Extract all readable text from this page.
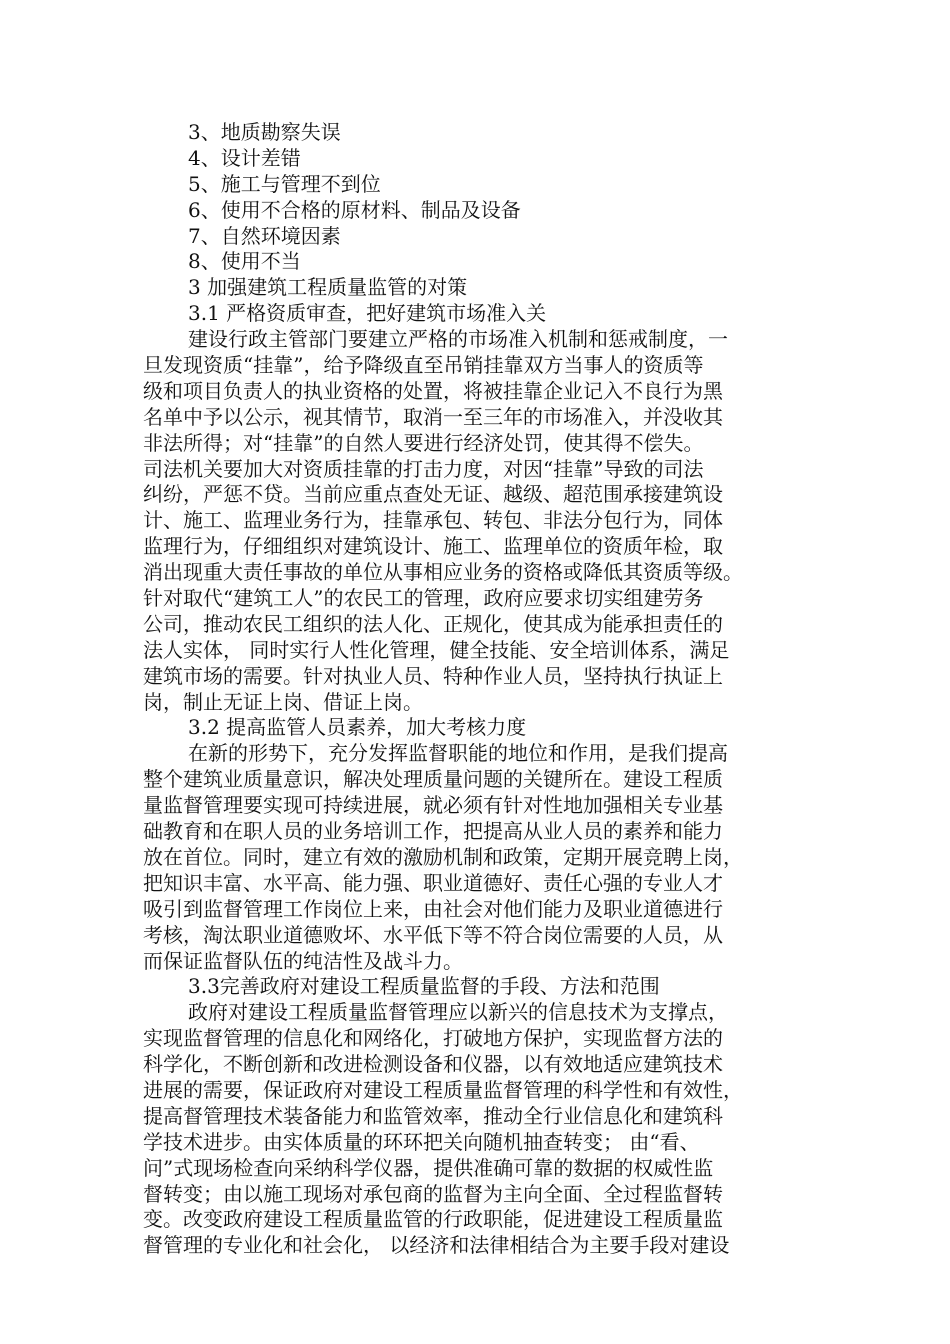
3、地质勘察失误
4、设计差错
5、施工与管理不到位
6、使用不合格的原材料、制品及设备
7、自然环境因素
8、使用不当
3 加强建筑工程质量监管的对策
3.1 严格资质审查，把好建筑市场准入关
建设行政主管部门要建立严格的市场准入机制和惩戒制度，一
旦发现资质“挂靠”，给予降级直至吊销挂靠双方当事人的资质等
级和项目负责人的执业资格的处置，将被挂靠企业记入不良行为黑
名单中予以公示，视其情节，取消一至三年的市场准入，并没收其
非法所得；对“挂靠”的自然人要进行经济处罚，使其得不偿失。
司法机关要加大对资质挂靠的打击力度，对因“挂靠”导致的司法
纠纷，严惩不贷。当前应重点查处无证、越级、超范围承接建筑设
计、施工、监理业务行为，挂靠承包、转包、非法分包行为，同体
监理行为，仔细组织对建筑设计、施工、监理单位的资质年检，取
消出现重大责任事故的单位从事相应业务的资格或降低其资质等级。
针对取代“建筑工人”的农民工的管理，政府应要求切实组建劳务
公司，推动农民工组织的法人化、正规化，使其成为能承担责任的
法人实体， 同时实行人性化管理，健全技能、安全培训体系，满足
建筑市场的需要。针对执业人员、特种作业人员，坚持执行执证上
岗，制止无证上岗、借证上岗。
3.2 提高监管人员素养，加大考核力度
在新的形势下，充分发挥监督职能的地位和作用，是我们提高
整个建筑业质量意识，解决处理质量问题的关键所在。建设工程质
量监督管理要实现可持续进展，就必须有针对性地加强相关专业基
础教育和在职人员的业务培训工作，把提高从业人员的素养和能力
放在首位。同时，建立有效的激励机制和政策，定期开展竞聘上岗，
把知识丰富、水平高、能力强、职业道德好、责任心强的专业人才
吸引到监督管理工作岗位上来，由社会对他们能力及职业道德进行
考核，淘汰职业道德败坏、水平低下等不符合岗位需要的人员，从
而保证监督队伍的纯洁性及战斗力。
3.3完善政府对建设工程质量监督的手段、方法和范围
政府对建设工程质量监督管理应以新兴的信息技术为支撑点，
实现监督管理的信息化和网络化，打破地方保护，实现监督方法的
科学化，不断创新和改进检测设备和仪器，以有效地适应建筑技术
进展的需要，保证政府对建设工程质量监督管理的科学性和有效性，
提高督管理技术装备能力和监管效率，推动全行业信息化和建筑科
学技术进步。由实体质量的环环把关向随机抽查转变； 由“看、
问”式现场检查向采纳科学仪器，提供准确可靠的数据的权威性监
督转变；由以施工现场对承包商的监督为主向全面、全过程监督转
变。改变政府建设工程质量监管的行政职能，促进建设工程质量监
督管理的专业化和社会化， 以经济和法律相结合为主要手段对建设
